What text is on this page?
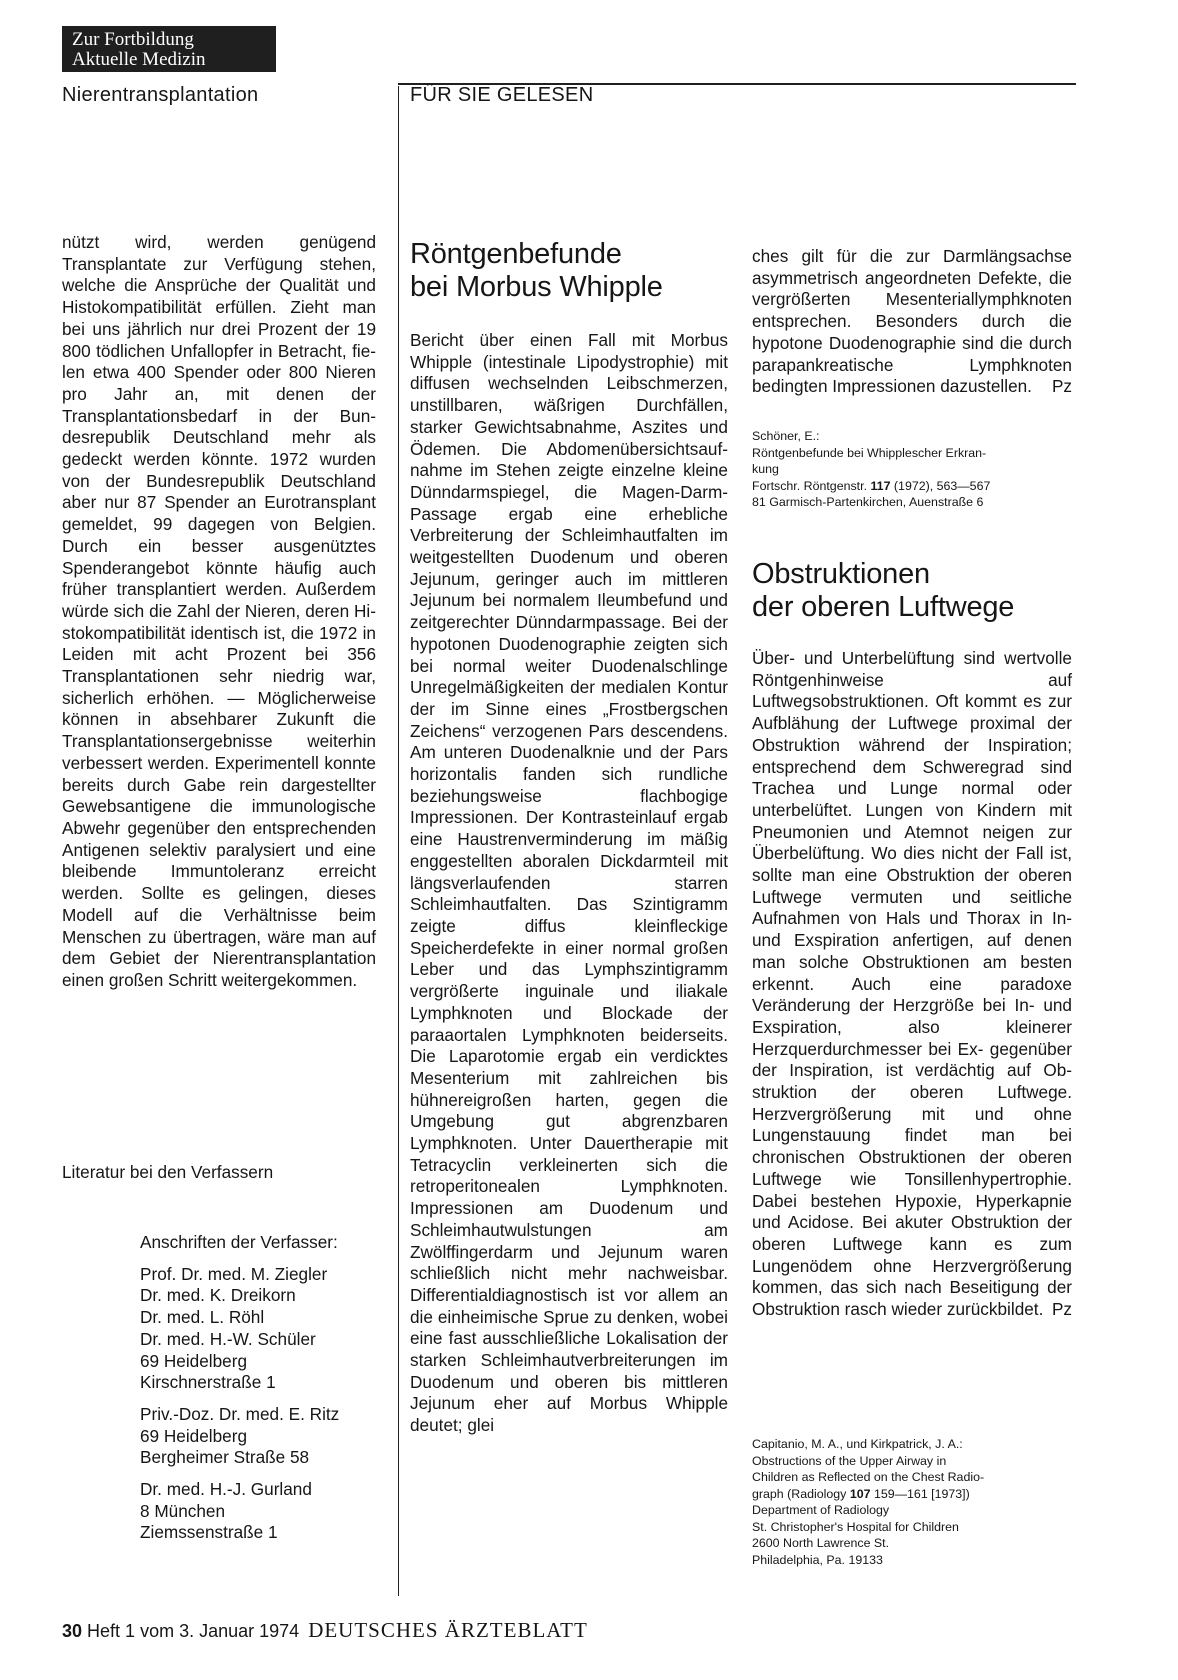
Zur Fortbildung
Aktuelle Medizin
Nierentransplantation	FÜR SIE GELESEN
nützt wird, werden genügend Transplantate zur Verfügung stehen, welche die Ansprüche der Qualität und Histokompatibilität erfüllen. Zieht man bei uns jährlich nur drei Prozent der 19 800 tödlichen Unfallopfer in Betracht, fielen etwa 400 Spender oder 800 Nieren pro Jahr an, mit denen der Transplantationsbedarf in der Bundesrepublik Deutschland mehr als gedeckt werden könnte. 1972 wurden von der Bundesrepublik Deutschland aber nur 87 Spender an Eurotransplant gemeldet, 99 dagegen von Belgien. Durch ein besser ausgenütztes Spenderangebot könnte häufig auch früher transplantiert werden. Außerdem würde sich die Zahl der Nieren, deren Histokompatibilität identisch ist, die 1972 in Leiden mit acht Prozent bei 356 Transplantationen sehr niedrig war, sicherlich erhöhen. — Möglicherweise können in absehbarer Zukunft die Transplantationsergebnisse weiterhin verbessert werden. Experimentell konnte bereits durch Gabe rein dargestellter Gewebsantigene die immunologische Abwehr gegenüber den entsprechenden Antigenen selektiv paralysiert und eine bleibende Immuntoleranz erreicht werden. Sollte es gelingen, dieses Modell auf die Verhältnisse beim Menschen zu übertragen, wäre man auf dem Gebiet der Nierentransplantation einen großen Schritt weitergekommen.
Literatur bei den Verfassern
Anschriften der Verfasser:
Prof. Dr. med. M. Ziegler
Dr. med. K. Dreikorn
Dr. med. L. Röhl
Dr. med. H.-W. Schüler
69 Heidelberg
Kirschnerstraße 1
Priv.-Doz. Dr. med. E. Ritz
69 Heidelberg
Bergheimer Straße 58
Dr. med. H.-J. Gurland
8 München
Ziemssenstraße 1
Röntgenbefunde
bei Morbus Whipple
Bericht über einen Fall mit Morbus Whipple (intestinale Lipodystrophie) mit diffusen wechselnden Leibschmerzen, unstillbaren, wäßrigen Durchfällen, starker Gewichtsabnahme, Aszites und Ödemen. Die Abdomenübersichtsaufnahme im Stehen zeigte einzelne kleine Dünndarmspiegel, die Magen-Darm-Passage ergab eine erhebliche Verbreiterung der Schleimhautfalten im weitgestellten Duodenum und oberen Jejunum, geringer auch im mittleren Jejunum bei normalem Ileumbefund und zeitgerechter Dünndarmpassage. Bei der hypotonen Duodenographie zeigten sich bei normal weiter Duodenalschlinge Unregelmäßigkeiten der medialen Kontur der im Sinne eines „Frostbergschen Zeichens“ verzogenen Pars descendens. Am unteren Duodenalknie und der Pars horizontalis fanden sich rundliche beziehungsweise flachbogige Impressionen. Der Kontrasteinlauf ergab eine Haustrenverminderung im mäßig enggestellten aboralen Dickdarmteil mit längsverlaufenden starren Schleimhautfalten. Das Szintigramm zeigte diffus kleinfleckige Speicherdefekte in einer normal großen Leber und das Lymphszintigramm vergrößerte inguinale und iliakale Lymphknoten und Blockade der paraaortalen Lymphknoten beiderseits. Die Laparotomie ergab ein verdicktes Mesenterium mit zahlreichen bis hühnereigroßen harten, gegen die Umgebung gut abgrenzbaren Lymphknoten. Unter Dauertherapie mit Tetracyclin verkleinerten sich die retroperitonealen Lymphknoten. Impressionen am Duodenum und Schleimhautwulstungen am Zwölffingerdarm und Jejunum waren schließlich nicht mehr nachweisbar. Differentialdiagnostisch ist vor allem an die einheimische Sprue zu denken, wobei eine fast ausschließliche Lokalisation der starken Schleimhautverbreiterungen im Duodenum und oberen bis mittleren Jejunum eher auf Morbus Whipple deutet; glei
ches gilt für die zur Darmlängsachse asymmetrisch angeordneten Defekte, die vergrößerten Mesenteriallymphknoten entsprechen. Besonders durch die hypotone Duodenographie sind die durch parapankreatische Lymphknoten bedingten Impressionen dazustellen. Pz
Schöner, E.:
Röntgenbefunde bei Whipplescher Erkran-
kung
Fortschr. Röntgenstr. 117 (1972), 563—567
81 Garmisch-Partenkirchen, Auenstraße 6
Obstruktionen
der oberen Luftwege
Über- und Unterbelüftung sind wertvolle Röntgenhinweise auf Luftwegsobstruktionen. Oft kommt es zur Aufblähung der Luftwege proximal der Obstruktion während der Inspiration; entsprechend dem Schweregrad sind Trachea und Lunge normal oder unterbelüftet. Lungen von Kindern mit Pneumonien und Atemnot neigen zur Überbelüftung. Wo dies nicht der Fall ist, sollte man eine Obstruktion der oberen Luftwege vermuten und seitliche Aufnahmen von Hals und Thorax in In- und Exspiration anfertigen, auf denen man solche Obstruktionen am besten erkennt. Auch eine paradoxe Veränderung der Herzgröße bei In- und Exspiration, also kleinerer Herzquerdurchmesser bei Ex- gegenüber der Inspiration, ist verdächtig auf Obstruktion der oberen Luftwege. Herzvergrößerung mit und ohne Lungenstauung findet man bei chronischen Obstruktionen der oberen Luftwege wie Tonsillenhypertrophie. Dabei bestehen Hypoxie, Hyperkapnie und Acidose. Bei akuter Obstruktion der oberen Luftwege kann es zum Lungenödem ohne Herzvergrößerung kommen, das sich nach Beseitigung der Obstruktion rasch wieder zurückbildet. Pz
Capitanio, M. A., und Kirkpatrick, J. A.:
Obstructions of the Upper Airway in
Children as Reflected on the Chest Radio-
graph (Radiology 107 159—161 [1973])
Department of Radiology
St. Christopher's Hospital for Children
2600 North Lawrence St.
Philadelphia, Pa. 19133
30 Heft 1 vom 3. Januar 1974 DEUTSCHES ÄRZTEBLATT
